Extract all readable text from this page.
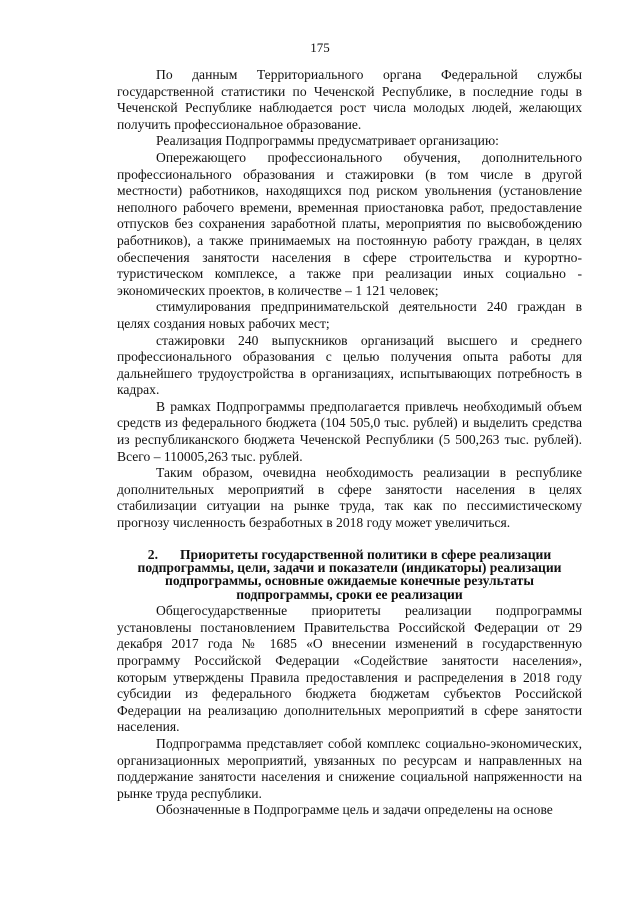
175

По данным Территориального органа Федеральной службы государственной статистики по Чеченской Республике, в последние годы в Чеченской Республике наблюдается рост числа молодых людей, желающих получить профессиональное образование.

Реализация Подпрограммы предусматривает организацию:

Опережающего профессионального обучения, дополнительного профессионального образования и стажировки (в том числе в другой местности) работников, находящихся под риском увольнения (установление неполного рабочего времени, временная приостановка работ, предоставление отпусков без сохранения заработной платы, мероприятия по высвобождению работников), а также принимаемых на постоянную работу граждан, в целях обеспечения занятости населения в сфере строительства и курортно-туристическом комплексе, а также при реализации иных социально - экономических проектов, в количестве – 1 121 человек;

стимулирования предпринимательской деятельности 240 граждан в целях создания новых рабочих мест;

стажировки 240 выпускников организаций высшего и среднего профессионального образования с целью получения опыта работы для дальнейшего трудоустройства в организациях, испытывающих потребность в кадрах.

В рамках Подпрограммы предполагается привлечь необходимый объем средств из федерального бюджета (104 505,0 тыс. рублей) и выделить средства из республиканского бюджета Чеченской Республики (5 500,263 тыс. рублей). Всего – 110005,263 тыс. рублей.

Таким образом, очевидна необходимость реализации в республике дополнительных мероприятий в сфере занятости населения в целях стабилизации ситуации на рынке труда, так как по пессимистическому прогнозу численность безработных в 2018 году может увеличиться.

2. Приоритеты государственной политики в сфере реализации

подпрограммы, цели, задачи и показатели (индикаторы) реализации

подпрограммы, основные ожидаемые конечные результаты

подпрограммы, сроки ее реализации

Общегосударственные приоритеты реализации подпрограммы установлены постановлением Правительства Российской Федерации от 29 декабря 2017 года № 1685 «О внесении изменений в государственную программу Российской Федерации «Содействие занятости населения», которым утверждены Правила предоставления и распределения в 2018 году субсидии из федерального бюджета бюджетам субъектов Российской Федерации на реализацию дополнительных мероприятий в сфере занятости населения.

Подпрограмма представляет собой комплекс социально-экономических, организационных мероприятий, увязанных по ресурсам и направленных на поддержание занятости населения и снижение социальной напряженности на рынке труда республики.

Обозначенные в Подпрограмме цель и задачи определены на основе
